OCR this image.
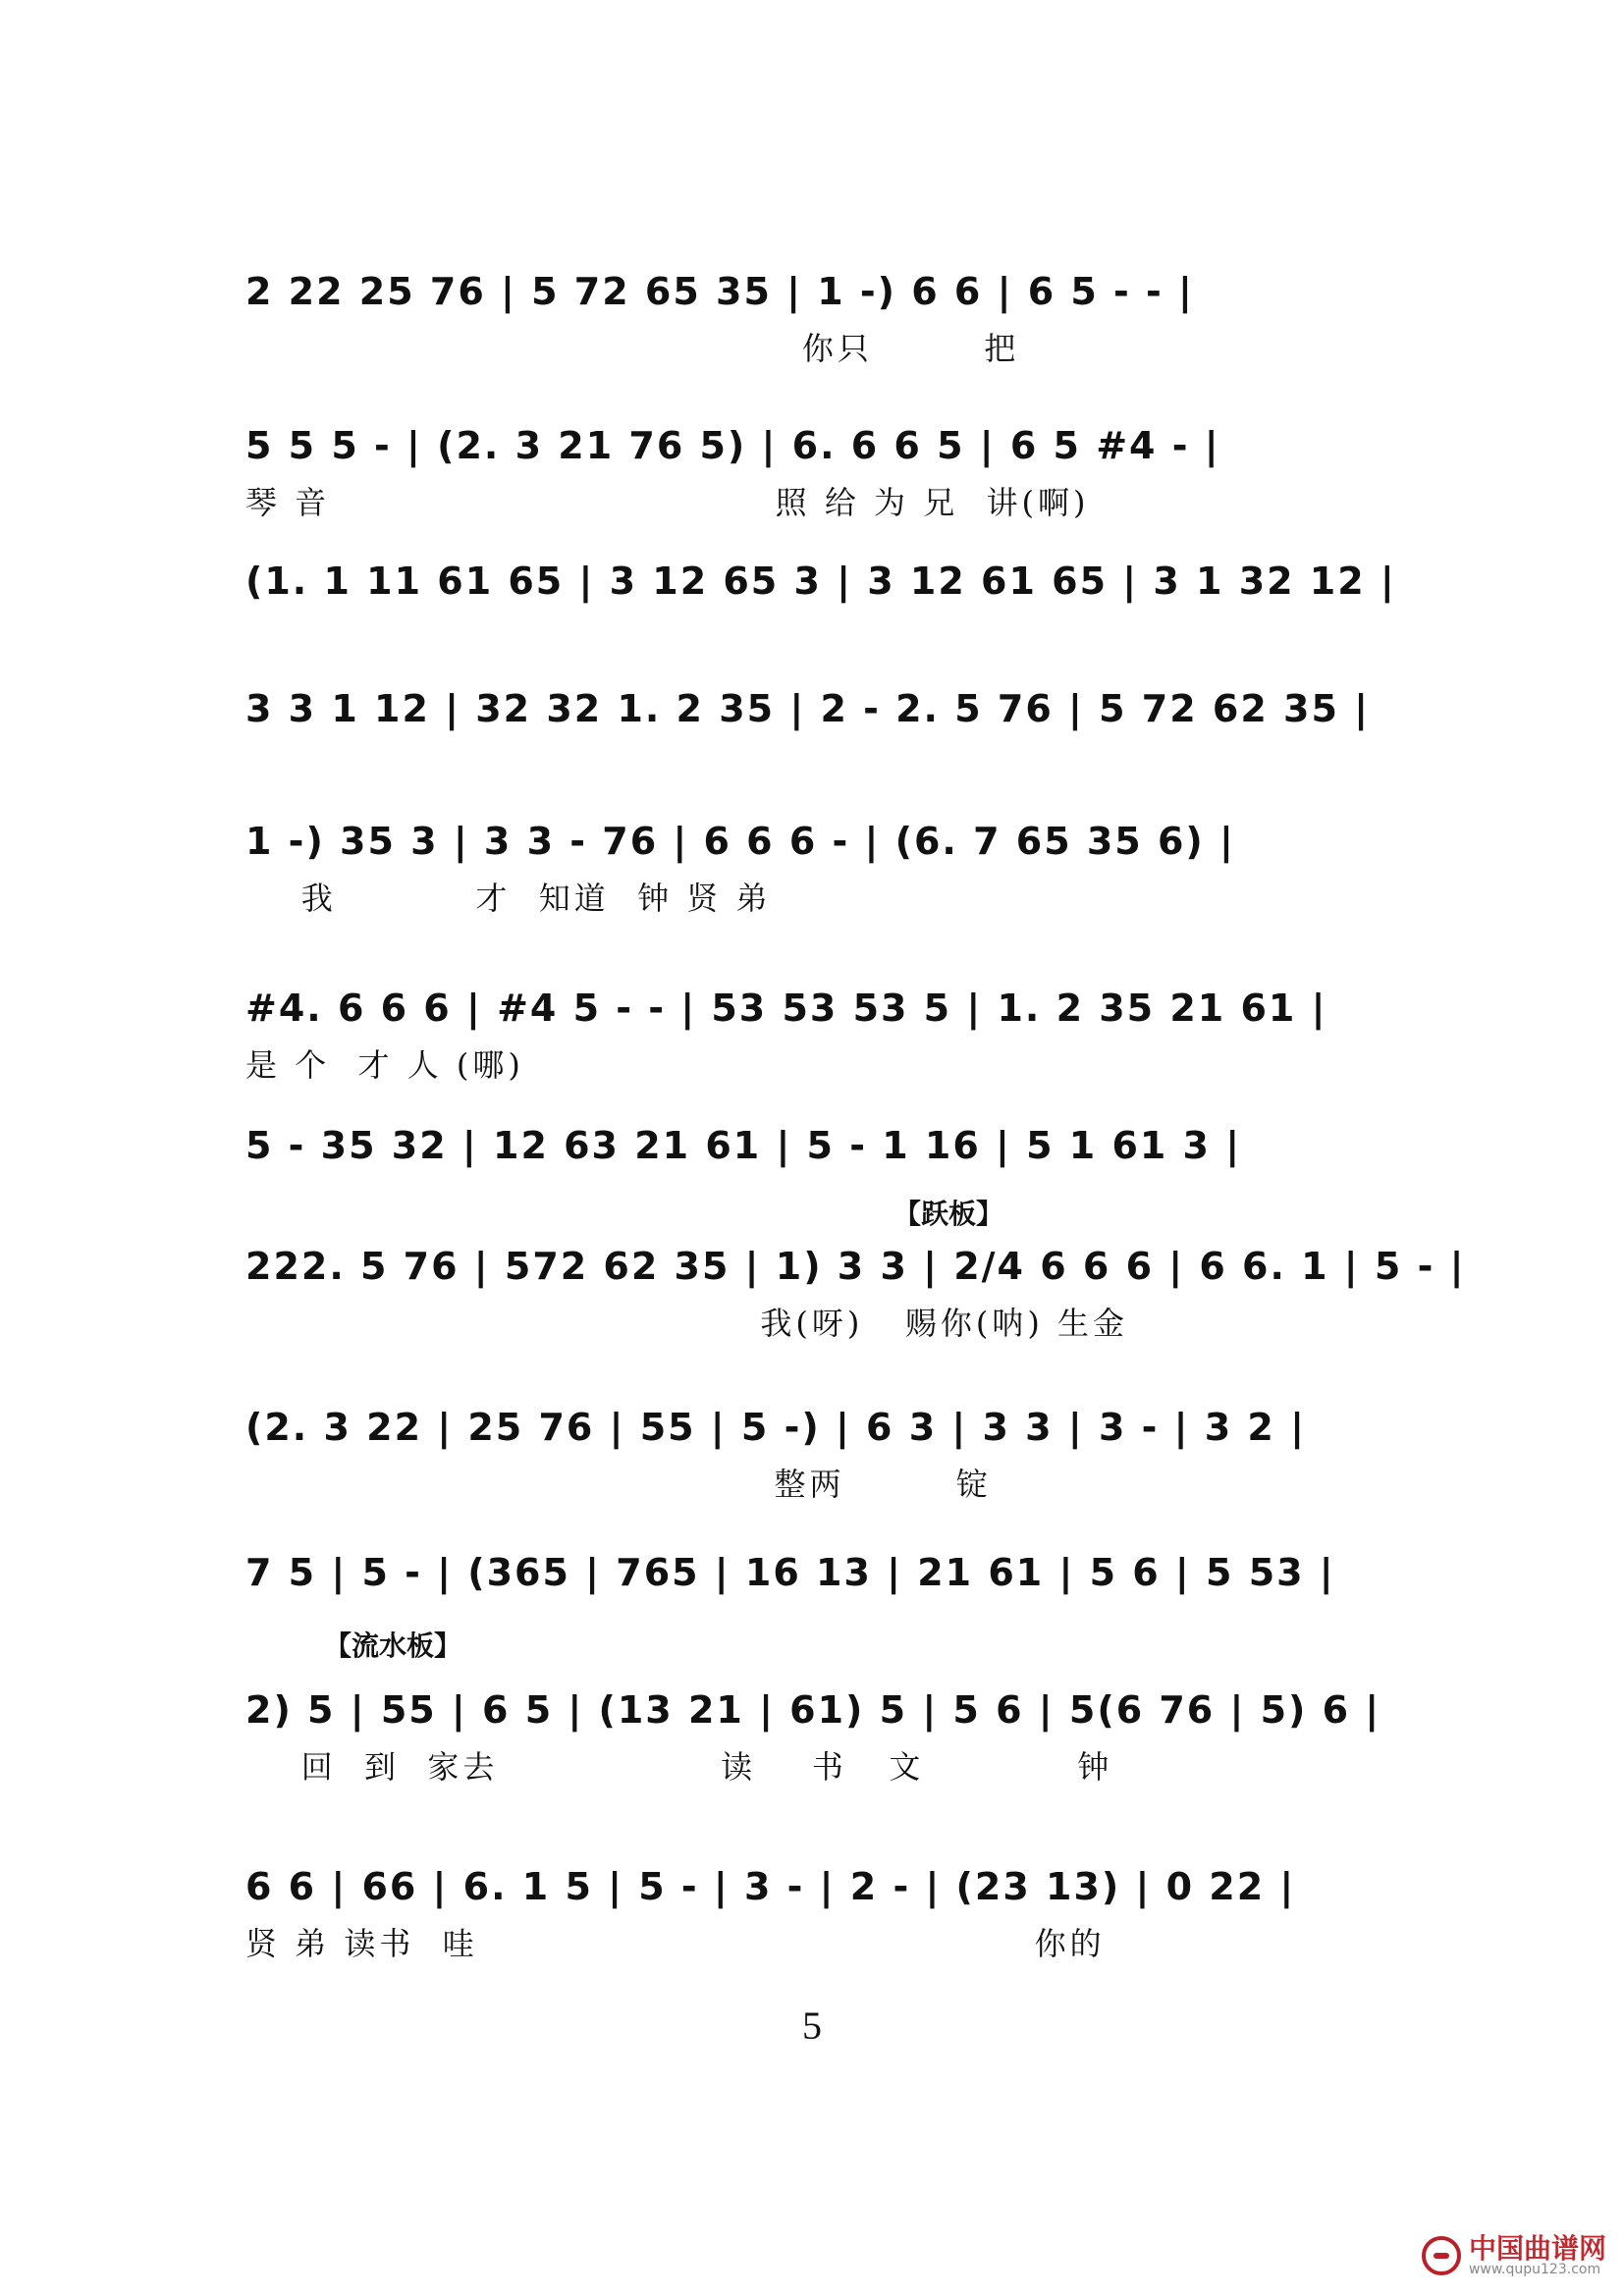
2 22 25 76 | 5 72 65 35 | 1 -) 6 6 | 6 5 - - |
你只        把
5 5 5 - | (2. 3 21 76 5) | 6. 6 6 5 | 6 5 #4 - |
琴 音                                照 给 为 兄  讲(啊)
(1. 1 11 61 65 | 3 12 65 3 | 3 12 61 65 | 3 1 32 12 |
3 3 1 12 | 32 32 1. 2 35 | 2 - 2. 5 76 | 5 72 62 35 |
1 -) 35 3 | 3 3 - 76 | 6 6 6 - | (6. 7 65 35 6) |
我          才  知道  钟 贤 弟
#4. 6 6 6 | #4 5 - - | 53 53 53 5 | 1. 2 35 21 61 |
是 个  才 人 (哪)
5 - 35 32 | 12 63 21 61 | 5 - 1 16 | 5 1 61 3 |
【跃板】
222. 5 76 | 572 62 35 | 1) 3 3 | 2/4 6 6 6 | 6 6. 1 | 5 - |
我(呀)   赐你(呐) 生金
(2. 3 22 | 25 76 | 55 | 5 -) | 6 3 | 3 3 | 3 - | 3 2 |
整两        锭
7 5 | 5 - | (365 | 765 | 16 13 | 21 61 | 5 6 | 5 53 |
【流水板】
2) 5 | 55 | 6 5 | (13 21 | 61) 5 | 5 6 | 5(6 76 | 5) 6 |
回  到  家去                读    书   文           钟
6 6 | 66 | 6. 1 5 | 5 - | 3 - | 2 - | (23 13) | 0 22 |
贤 弟 读书  哇                                        你的
5
中国曲谱网
www.qupu123.com
